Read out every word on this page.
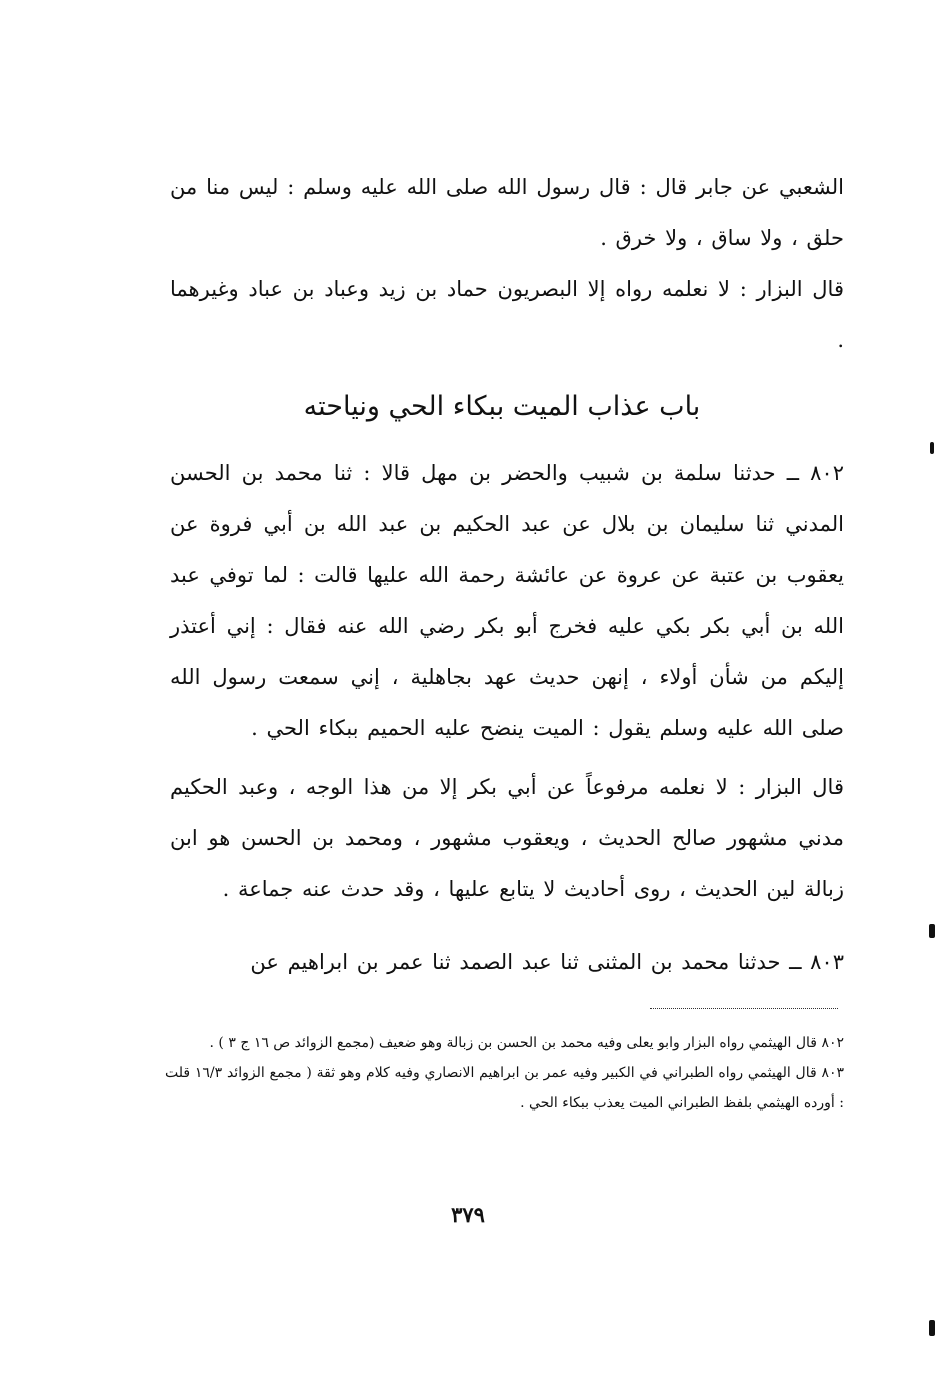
الشعبي عن جابر قال : قال رسول الله صلى الله عليه وسلم : ليس منا من حلق ، ولا ساق ، ولا خرق .

قال البزار : لا نعلمه رواه إلا البصريون حماد بن زيد وعباد بن عباد وغيرهما .

باب عذاب الميت ببكاء الحي ونياحته

٨٠٢ ــ حدثنا سلمة بن شبيب والحضر بن مهل قالا : ثنا محمد بن الحسن المدني ثنا سليمان بن بلال عن عبد الحكيم بن عبد الله بن أبي فروة عن يعقوب بن عتبة عن عروة عن عائشة رحمة الله عليها قالت : لما توفي عبد الله بن أبي بكر بكي عليه فخرج أبو بكر رضي الله عنه فقال : إني أعتذر إليكم من شأن أولاء ، إنهن حديث عهد بجاهلية ، إني سمعت رسول الله صلى الله عليه وسلم يقول : الميت ينضح عليه الحميم ببكاء الحي .

قال البزار : لا نعلمه مرفوعاً عن أبي بكر إلا من هذا الوجه ، وعبد الحكيم مدني مشهور صالح الحديث ، ويعقوب مشهور ، ومحمد بن الحسن هو ابن زبالة لين الحديث ، روى أحاديث لا يتابع عليها ، وقد حدث عنه جماعة .

٨٠٣ ــ حدثنا محمد بن المثنى ثنا عبد الصمد ثنا عمر بن ابراهيم عن

٨٠٢ قال الهيثمي رواه البزار وابو يعلى وفيه محمد بن الحسن بن زبالة وهو ضعيف (مجمع الزوائد ص ١٦ ج ٣ ) .

٨٠٣ قال الهيثمي رواه الطبراني في الكبير وفيه عمر بن ابراهيم الانصاري وفيه كلام وهو ثقة ( مجمع الزوائد ١٦/٣ قلت : أورده الهيثمي بلفظ الطبراني الميت يعذب ببكاء الحي .

٣٧٩
